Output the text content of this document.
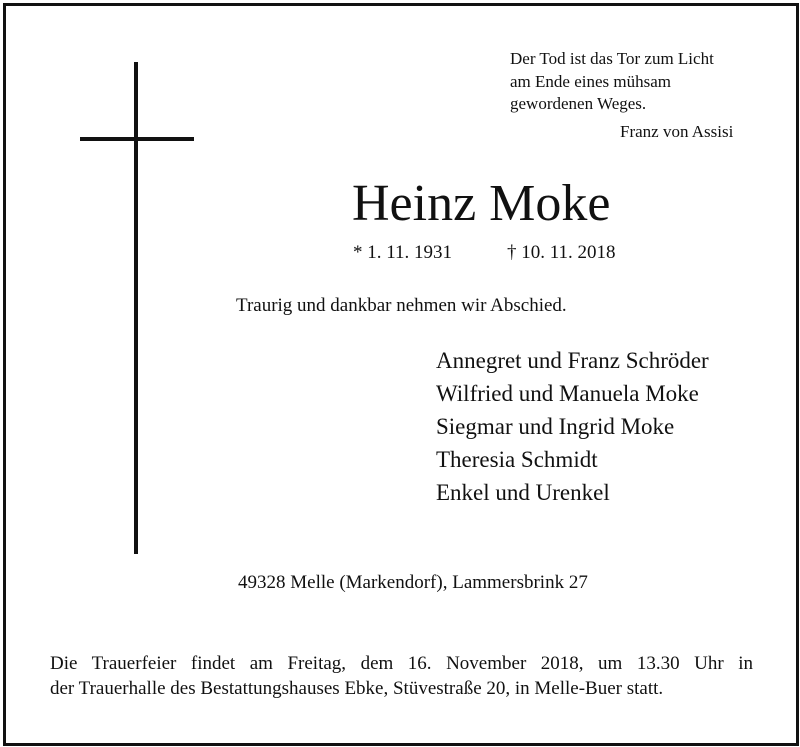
Der Tod ist das Tor zum Licht
am Ende eines mühsam
gewordenen Weges.
Franz von Assisi
Heinz Moke
* 1. 11. 1931	† 10. 11. 2018
Traurig und dankbar nehmen wir Abschied.
Annegret und Franz Schröder
Wilfried und Manuela Moke
Siegmar und Ingrid Moke
Theresia Schmidt
Enkel und Urenkel
49328 Melle (Markendorf), Lammersbrink 27
Die Trauerfeier findet am Freitag, dem 16. November 2018, um 13.30 Uhr in
der Trauerhalle des Bestattungshauses Ebke, Stüvestraße 20, in Melle-Buer statt.
